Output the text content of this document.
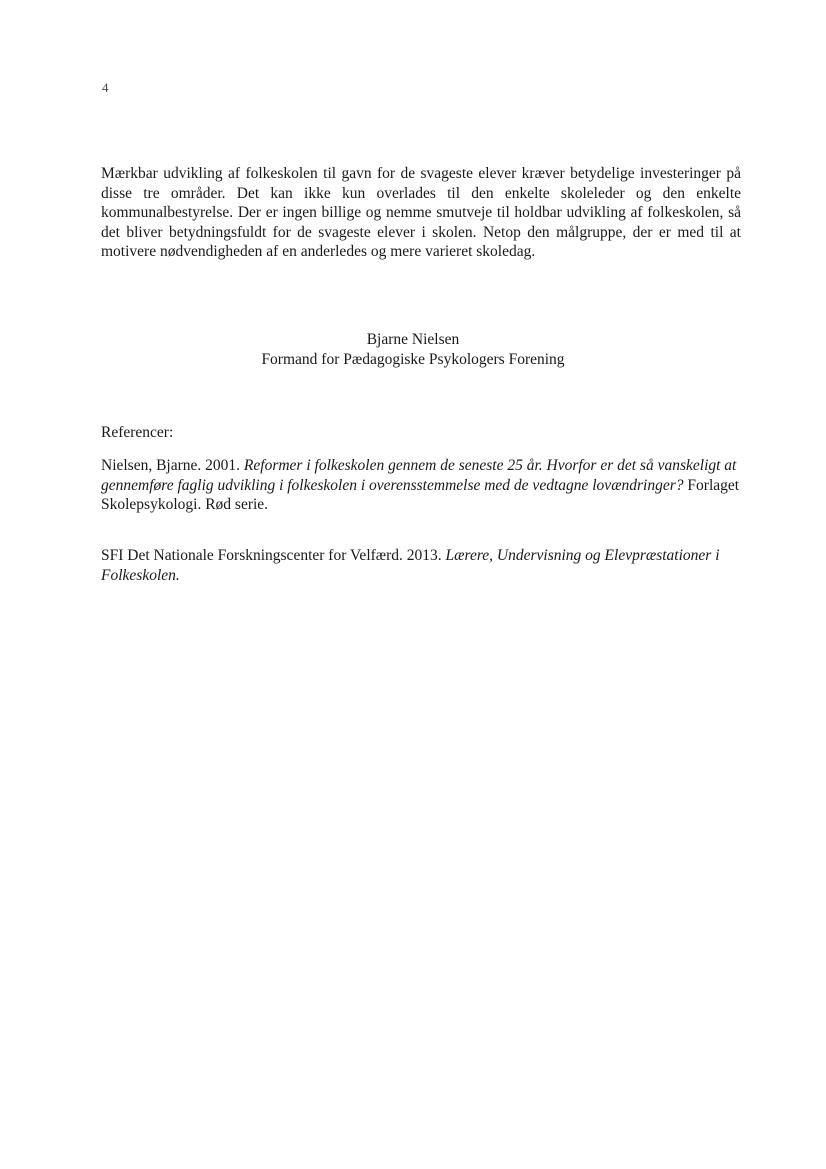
4

Mærkbar udvikling af folkeskolen til gavn for de svageste elever kræver betydelige investeringer på disse tre områder. Det kan ikke kun overlades til den enkelte skoleleder og den enkelte kommunalbestyrelse. Der er ingen billige og nemme smutveje til holdbar udvikling af folkeskolen, så det bliver betydningsfuldt for de svageste elever i skolen. Netop den målgruppe, der er med til at motivere nødvendigheden af en anderledes og mere varieret skoledag.

Bjarne Nielsen
Formand for Pædagogiske Psykologers Forening

Referencer:

Nielsen, Bjarne. 2001. Reformer i folkeskolen gennem de seneste 25 år. Hvorfor er det så vanskeligt at gennemføre faglig udvikling i folkeskolen i overensstemmelse med de vedtagne lovændringer? Forlaget Skolepsykologi. Rød serie.

SFI Det Nationale Forskningscenter for Velfærd. 2013. Lærere, Undervisning og Elevpræstationer i Folkeskolen.
